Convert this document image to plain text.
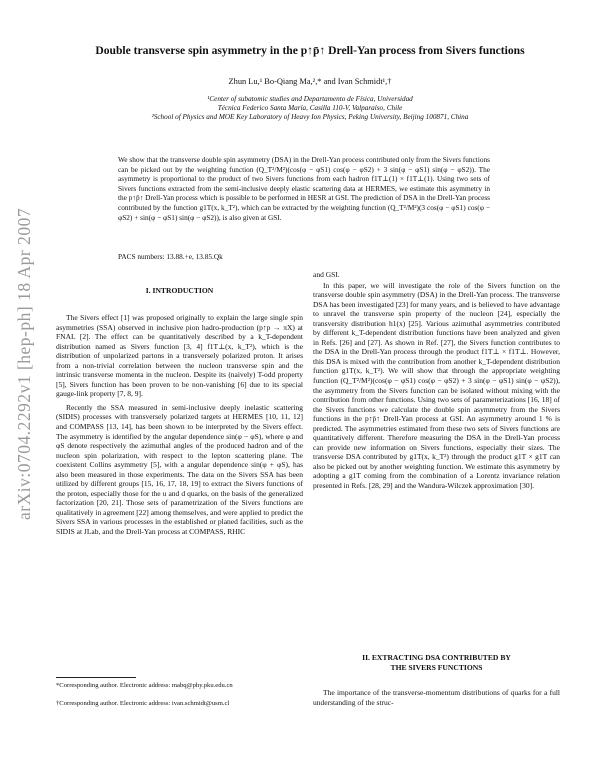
arXiv:0704.2292v1 [hep-ph] 18 Apr 2007
Double transverse spin asymmetry in the p↑p̄↑ Drell-Yan process from Sivers functions
Zhun Lu,¹ Bo-Qiang Ma,²,* and Ivan Schmidt¹,†
¹Center of subatomic studies and Departamento de Física, Universidad
Técnica Federico Santa María, Casilla 110-V, Valparaíso, Chile
²School of Physics and MOE Key Laboratory of Heavy Ion Physics, Peking University, Beijing 100871, China
We show that the transverse double spin asymmetry (DSA) in the Drell-Yan process contributed only from the Sivers functions can be picked out by the weighting function (Q_T²/M²)(cos(φ − φS1) cos(φ − φS2) + 3 sin(φ − φS1) sin(φ − φS2)). The asymmetry is proportional to the product of two Sivers functions from each hadron f1T⊥(1) × f1T⊥(1). Using two sets of Sivers functions extracted from the semi-inclusive deeply elastic scattering data at HERMES, we estimate this asymmetry in the p↑p̄↑ Drell-Yan process which is possible to be performed in HESR at GSI. The prediction of DSA in the Drell-Yan process contributed by the function g1T(x, k_T²), which can be extracted by the weighting function (Q_T²/M²)(3 cos(φ − φS1) cos(φ − φS2) + sin(φ − φS1) sin(φ − φS2)), is also given at GSI.
PACS numbers: 13.88.+e, 13.85.Qk
I. INTRODUCTION

The Sivers effect [1] was proposed originally to explain the large single spin asymmetries (SSA) observed in inclusive pion hadro-production (p↑p → πX) at FNAL [2]. The effect can be quantitatively described by a k_T-dependent distribution named as Sivers function [3, 4] f1T⊥(x, k_T²), which is the distribution of unpolarized partons in a transversely polarized proton. It arises from a non-trivial correlation between the nucleon transverse spin and the intrinsic transverse momenta in the nucleon. Despite its (naively) T-odd property [5], Sivers function has been proven to be non-vanishing [6] due to its special gauge-link property [7, 8, 9].

Recently the SSA measured in semi-inclusive deeply inelastic scattering (SIDIS) processes with transversely polarized targets at HERMES [10, 11, 12] and COMPASS [13, 14], has been shown to be interpreted by the Sivers effect. The asymmetry is identified by the angular dependence sin(φ − φS), where φ and φS denote respectively the azimuthal angles of the produced hadron and of the nucleon spin polarization, with respect to the lepton scattering plane. The coexistent Collins asymmetry [5], with a angular dependence sin(φ + φS), has also been measured in those experiments. The data on the Sivers SSA has been utilized by different groups [15, 16, 17, 18, 19] to extract the Sivers functions of the proton, especially those for the u and d quarks, on the basis of the generalized factorization [20, 21]. Those sets of parametrization of the Sivers functions are qualitatively in agreement [22] among themselves, and were applied to predict the Sivers SSA in various processes in the established or planed facilities, such as the SIDIS at JLab, and the Drell-Yan process at COMPASS, RHIC

and GSI.

In this paper, we will investigate the role of the Sivers function on the transverse double spin asymmetry (DSA) in the Drell-Yan process. The transverse DSA has been investigated [23] for many years, and is believed to have advantage to unravel the transverse spin property of the nucleon [24], especially the transversity distribution h1(x) [25]. Various azimuthal asymmetries contributed by different k_T-dependent distribution functions have been analyzed and given in Refs. [26] and [27]. As shown in Ref. [27], the Sivers function contributes to the DSA in the Drell-Yan process through the product f1T⊥ × f1T⊥. However, this DSA is mixed with the contribution from another k_T-dependent distribution function g1T(x, k_T²). We will show that through the appropriate weighting function (Q_T²/M²)(cos(φ − φS1) cos(φ − φS2) + 3 sin(φ − φS1) sin(φ − φS2)), the asymmetry from the Sivers function can be isolated without mixing with the contribution from other functions. Using two sets of parameterizations [16, 18] of the Sivers functions we calculate the double spin asymmetry from the Sivers functions in the p↑p̄↑ Drell-Yan process at GSI. An asymmetry around 1 % is predicted. The asymmetries estimated from these two sets of Sivers functions are quantitatively different. Therefore measuring the DSA in the Drell-Yan process can provide new information on Sivers functions, especially their sizes. The transverse DSA contributed by g1T(x, k_T²) through the product g1T × g1T can also be picked out by another weighting function. We estimate this asymmetry by adopting a g1T coming from the combination of a Lorentz invariance relation presented in Refs. [28, 29] and the Wandura-Wilczek approximation [30].

II. EXTRACTING DSA CONTRIBUTED BY
THE SIVERS FUNCTIONS

The importance of the transverse-momentum distributions of quarks for a full understanding of the struc-

*Corresponding author. Electronic address: mabq@phy.pku.edu.cn
†Corresponding author. Electronic address: ivan.schmidt@usm.cl
